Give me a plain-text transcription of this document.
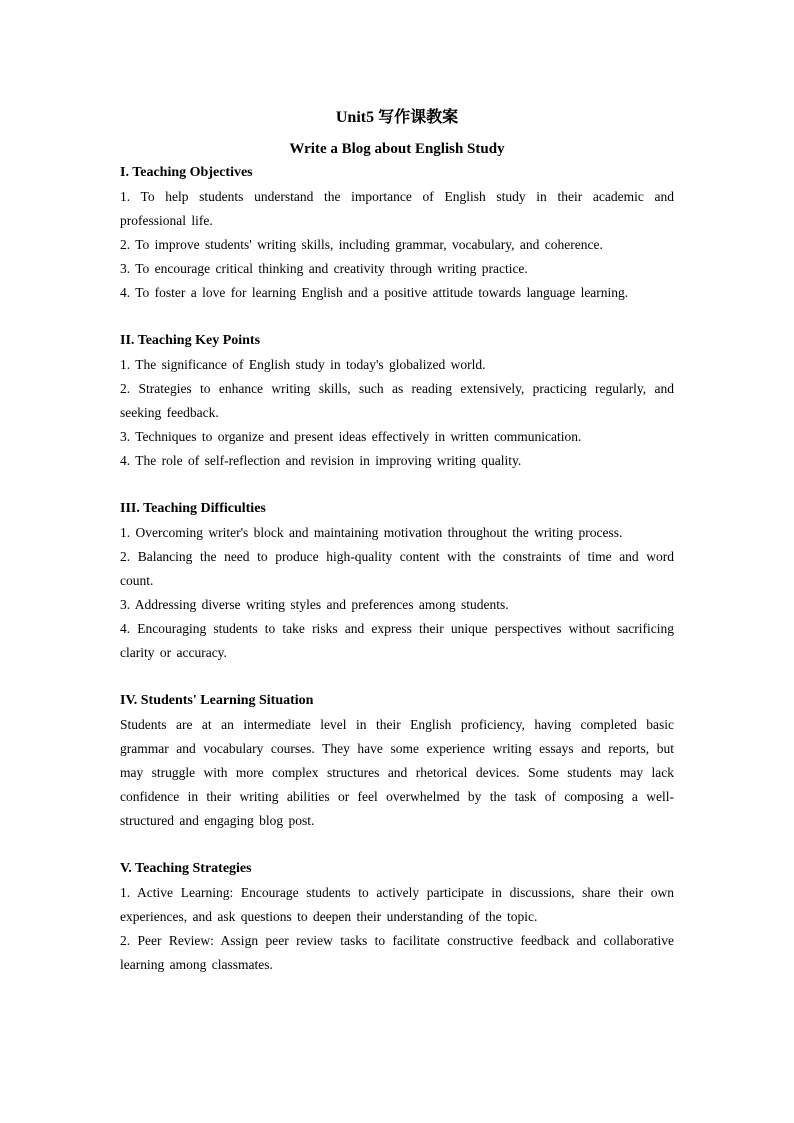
Unit5 写作课教案
Write a Blog about English Study
I. Teaching Objectives

1. To help students understand the importance of English study in their academic and professional life.

2. To improve students' writing skills, including grammar, vocabulary, and coherence.

3. To encourage critical thinking and creativity through writing practice.

4. To foster a love for learning English and a positive attitude towards language learning.

II. Teaching Key Points

1. The significance of English study in today's globalized world.

2. Strategies to enhance writing skills, such as reading extensively, practicing regularly, and seeking feedback.

3. Techniques to organize and present ideas effectively in written communication.

4. The role of self-reflection and revision in improving writing quality.

III. Teaching Difficulties

1. Overcoming writer's block and maintaining motivation throughout the writing process.

2. Balancing the need to produce high-quality content with the constraints of time and word count.

3. Addressing diverse writing styles and preferences among students.

4. Encouraging students to take risks and express their unique perspectives without sacrificing clarity or accuracy.

IV. Students' Learning Situation

Students are at an intermediate level in their English proficiency, having completed basic grammar and vocabulary courses. They have some experience writing essays and reports, but may struggle with more complex structures and rhetorical devices. Some students may lack confidence in their writing abilities or feel overwhelmed by the task of composing a well-structured and engaging blog post.

V. Teaching Strategies

1. Active Learning: Encourage students to actively participate in discussions, share their own experiences, and ask questions to deepen their understanding of the topic.

2. Peer Review: Assign peer review tasks to facilitate constructive feedback and collaborative learning among classmates.
